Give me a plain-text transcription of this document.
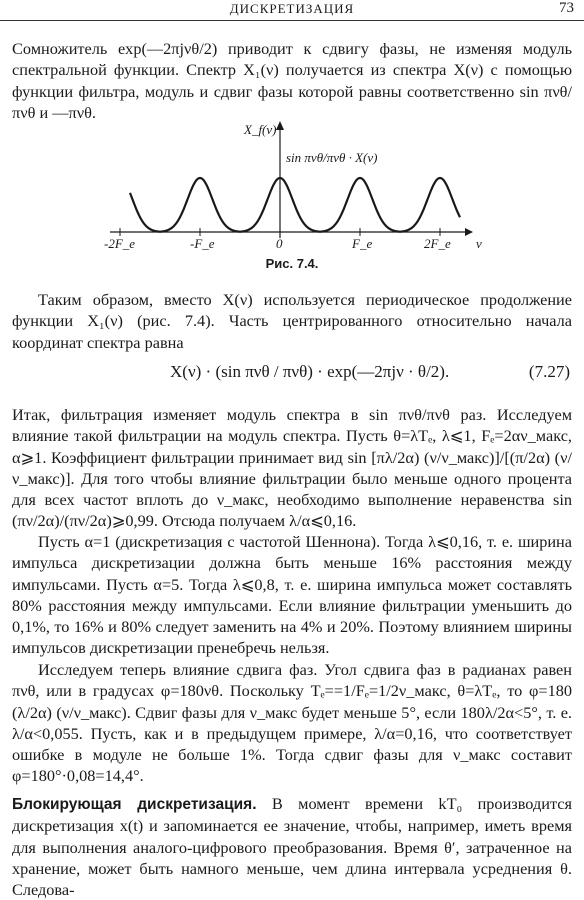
ДИСКРЕТИЗАЦИЯ	73

Сомножитель exp(—2πjνθ/2) приводит к сдвигу фазы, не изменяя модуль спектральной функции. Спектр X₁(ν) получается из спектра X(ν) с помощью функции фильтра, модуль и сдвиг фазы которой равны соответственно sin πνθ/πνθ и —πνθ.

X_f(ν)
sin πνθ/πνθ · X(ν)
-2F_e	-F_e	0	F_e	2F_e ν
Рис. 7.4.

Таким образом, вместо X(ν) используется периодическое продолжение функции X₁(ν) (рис. 7.4). Часть центрированного относительно начала координат спектра равна

X(ν) · (sin πνθ / πνθ) · exp(—2πjν · θ/2).	(7.27)

Итак, фильтрация изменяет модуль спектра в sin πνθ/πνθ раз. Исследуем влияние такой фильтрации на модуль спектра. Пусть θ=λTₑ, λ⩽1, Fₑ=2αν_макс, α⩾1. Коэффициент фильтрации принимает вид sin [πλ/2α) (ν/ν_макс)]/[(π/2α) (ν/ν_макс)]. Для того чтобы влияние фильтрации было меньше одного процента для всех частот вплоть до ν_макс, необходимо выполнение неравенства sin (πν/2α)/(πν/2α)⩾0,99. Отсюда получаем λ/α⩽0,16.

Пусть α=1 (дискретизация с частотой Шеннона). Тогда λ⩽0,16, т. е. ширина импульса дискретизации должна быть меньше 16% расстояния между импульсами. Пусть α=5. Тогда λ⩽0,8, т. е. ширина импульса может составлять 80% расстояния между импульсами. Если влияние фильтрации уменьшить до 0,1%, то 16% и 80% следует заменить на 4% и 20%. Поэтому влиянием ширины импульсов дискретизации пренебречь нельзя.

Исследуем теперь влияние сдвига фаз. Угол сдвига фаз в радианах равен πνθ, или в градусах φ=180νθ. Поскольку Tₑ==1/Fₑ=1/2ν_макс, θ=λTₑ, то φ=180 (λ/2α) (ν/ν_макс). Сдвиг фазы для ν_макс будет меньше 5°, если 180λ/2α<5°, т. е. λ/α<0,055. Пусть, как и в предыдущем примере, λ/α=0,16, что соответствует ошибке в модуле не больше 1%. Тогда сдвиг фазы для ν_макс составит φ=180°·0,08=14,4°.

Блокирующая дискретизация. В момент времени kT₀ производится дискретизация x(t) и запоминается ее значение, чтобы, например, иметь время для выполнения аналого-цифрового преобразования. Время θ′, затраченное на хранение, может быть намного меньше, чем длина интервала усреднения θ. Следова-
